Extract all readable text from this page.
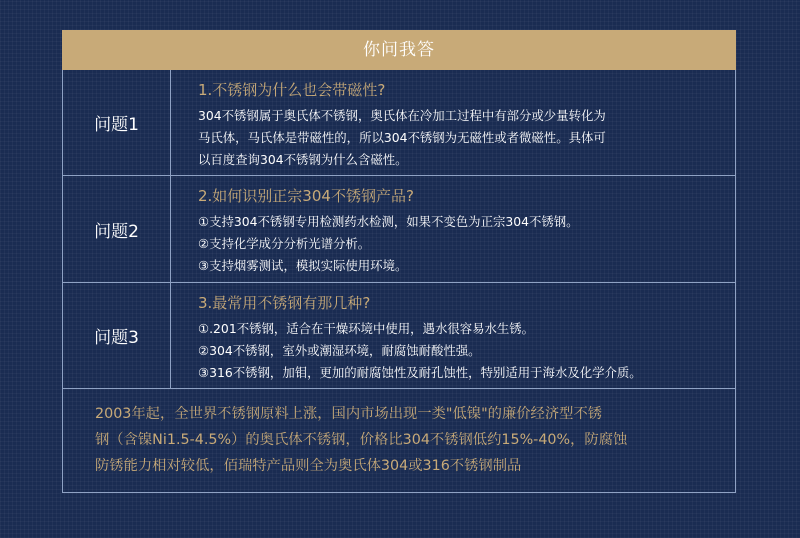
你问我答
问题1
1.不锈钢为什么也会带磁性?
304不锈钢属于奥氏体不锈钢，奥氏体在冷加工过程中有部分或少量转化为
马氏体，马氏体是带磁性的，所以304不锈钢为无磁性或者微磁性。具体可
以百度查询304不锈钢为什么含磁性。
问题2
2.如何识别正宗304不锈钢产品?
①支持304不锈钢专用检测药水检测，如果不变色为正宗304不锈钢。
②支持化学成分分析光谱分析。
③支持烟雾测试，模拟实际使用环境。
问题3
3.最常用不锈钢有那几种?
①.201不锈钢，适合在干燥环境中使用，遇水很容易水生锈。
②304不锈钢，室外或潮湿环境，耐腐蚀耐酸性强。
③316不锈钢，加钼，更加的耐腐蚀性及耐孔蚀性，特别适用于海水及化学介质。
2003年起，全世界不锈钢原料上涨，国内市场出现一类"低镍"的廉价经济型不锈
钢（含镍Ni1.5-4.5%）的奥氏体不锈钢，价格比304不锈钢低约15%-40%，防腐蚀
防锈能力相对较低，佰瑞特产品则全为奥氏体304或316不锈钢制品
